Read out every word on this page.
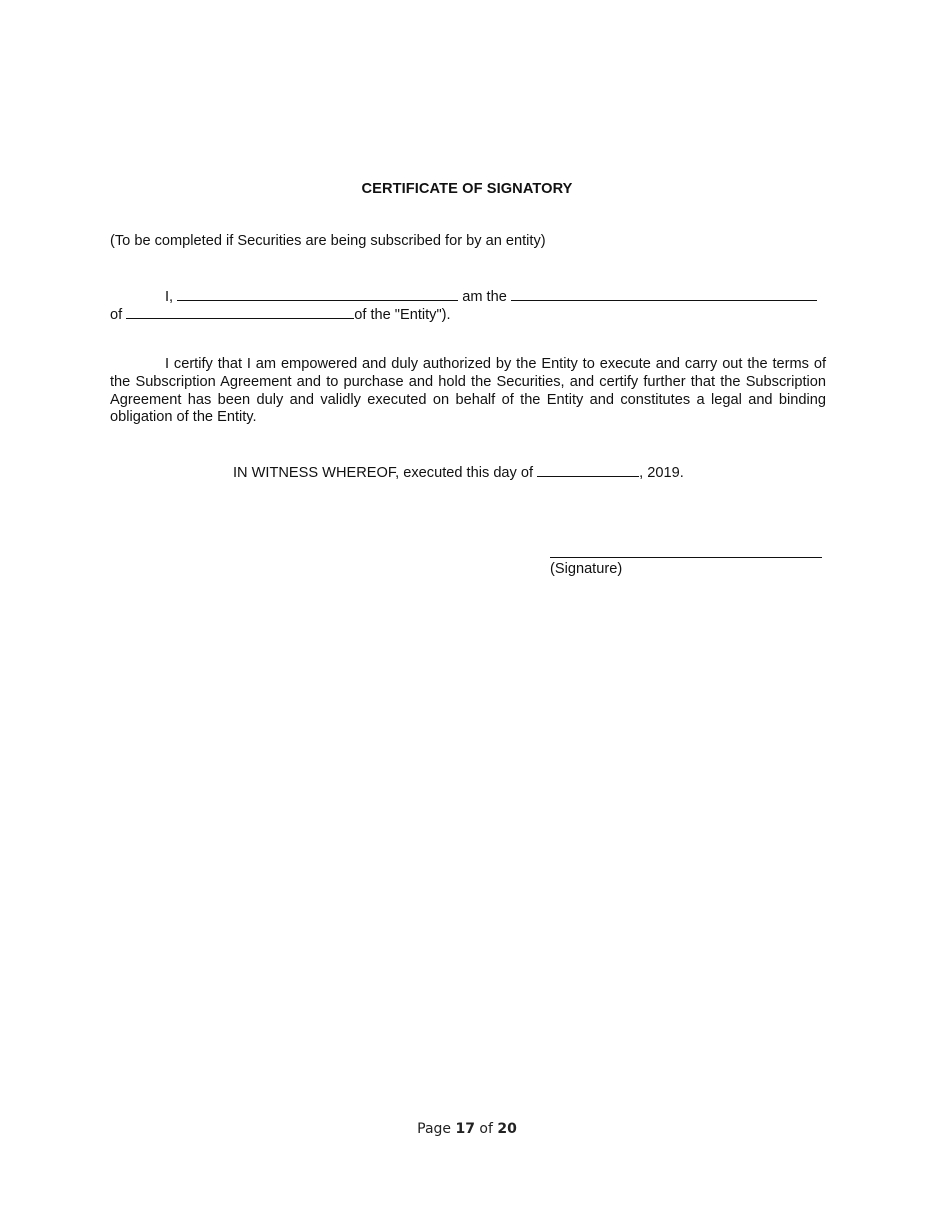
CERTIFICATE OF SIGNATORY
(To be completed if Securities are being subscribed for by an entity)
I,	am the
of	of the "Entity").
I certify that I am empowered and duly authorized by the Entity to execute and carry out the terms of the Subscription Agreement and to purchase and hold the Securities, and certify further that the Subscription Agreement has been duly and validly executed on behalf of the Entity and constitutes a legal and binding obligation of the Entity.
IN WITNESS WHEREOF, executed this day of	, 2019.
(Signature)
Page 17 of 20
